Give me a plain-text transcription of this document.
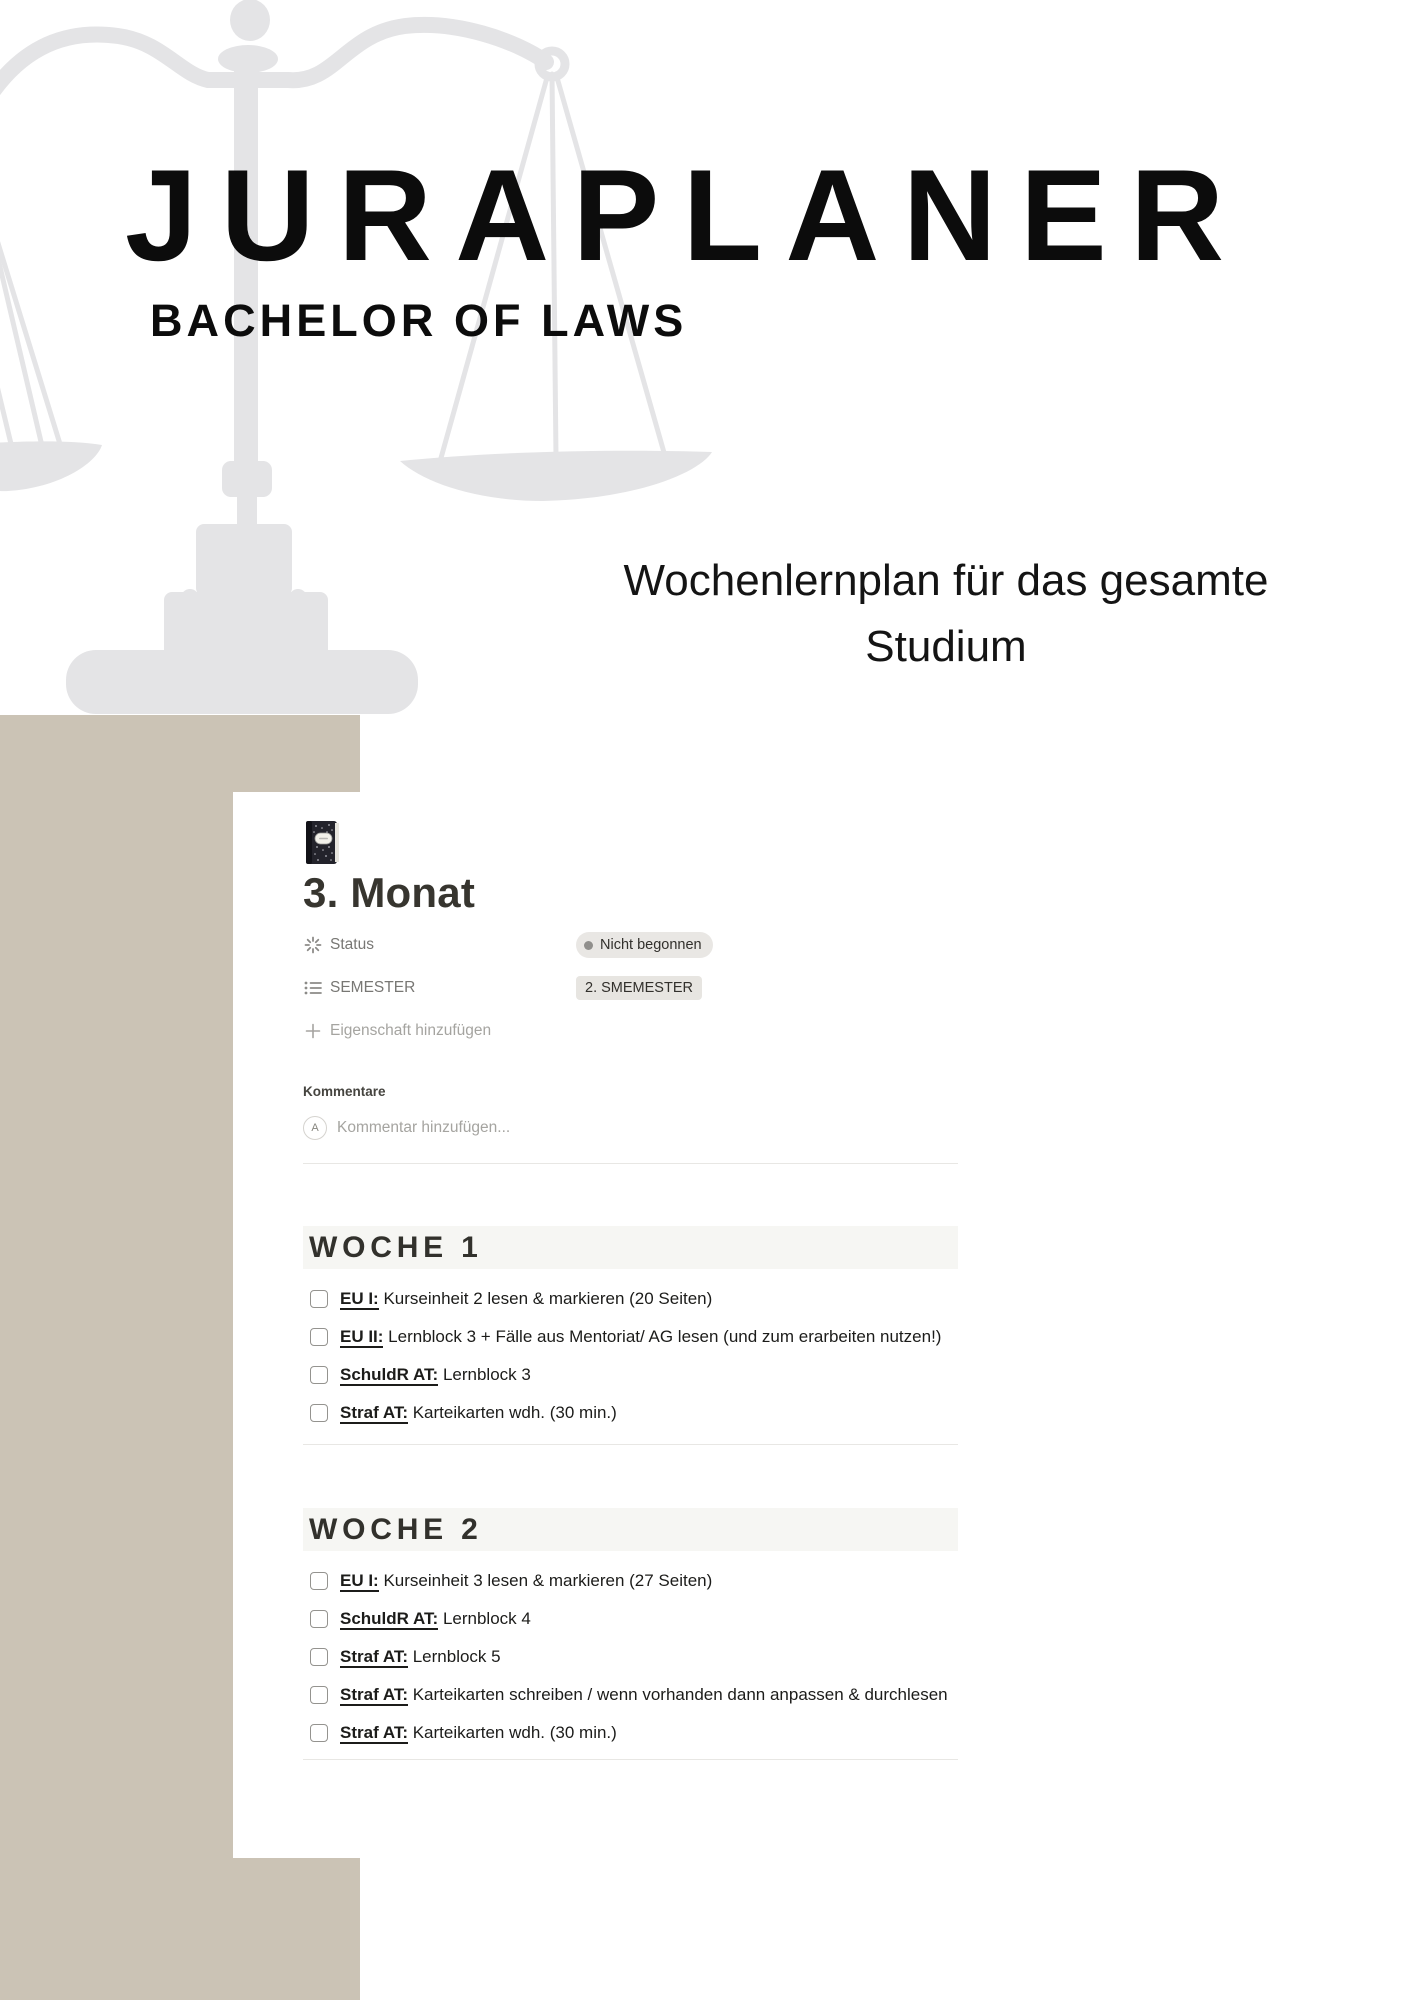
JURAPLANER
BACHELOR OF LAWS
Wochenlernplan für das gesamte
Studium
3. Monat
Status	Nicht begonnen
SEMESTER	2. SMEMESTER
Eigenschaft hinzufügen
Kommentare
A	Kommentar hinzufügen...
WOCHE 1
EU I: Kurseinheit 2 lesen & markieren (20 Seiten)
EU II: Lernblock 3 + Fälle aus Mentoriat/ AG lesen (und zum erarbeiten nutzen!)
SchuldR AT: Lernblock 3
Straf AT: Karteikarten wdh. (30 min.)
WOCHE 2
EU I: Kurseinheit 3 lesen & markieren (27 Seiten)
SchuldR AT: Lernblock 4
Straf AT: Lernblock 5
Straf AT: Karteikarten schreiben / wenn vorhanden dann anpassen & durchlesen
Straf AT: Karteikarten wdh. (30 min.)
